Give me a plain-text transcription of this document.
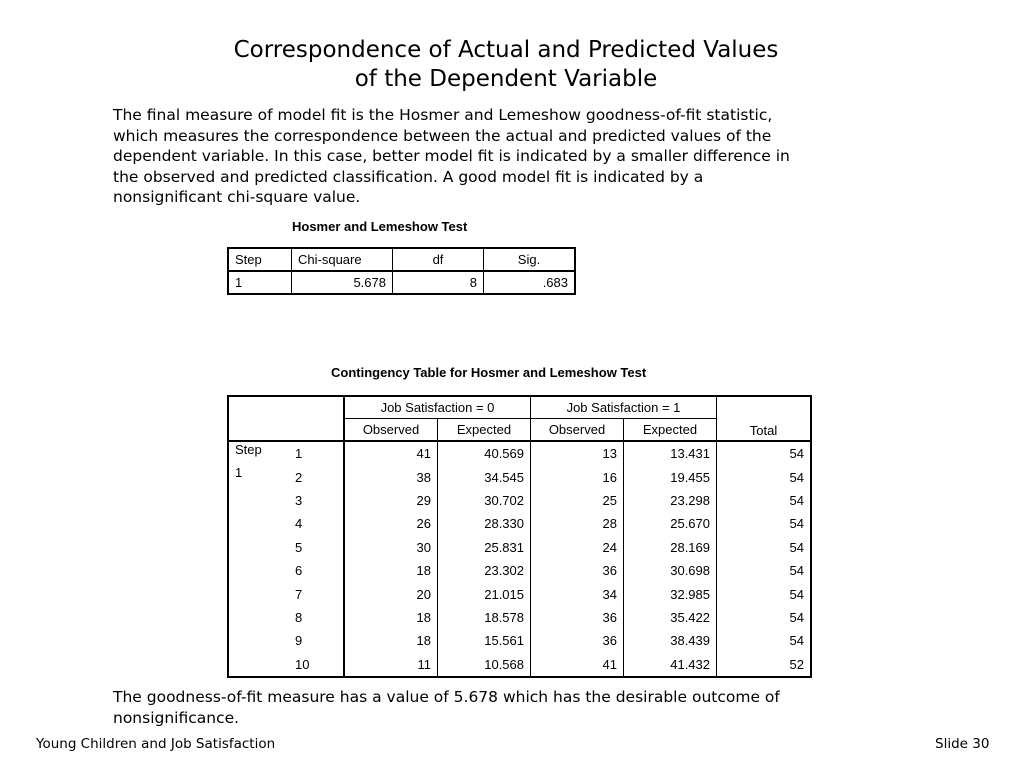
Correspondence of Actual and Predicted Values
of the Dependent Variable
The final measure of model fit is the Hosmer and Lemeshow goodness-of-fit statistic,
which measures the correspondence between the actual and predicted values of the
dependent variable. In this case, better model fit is indicated by a smaller difference in
the observed and predicted classification. A good model fit is indicated by a
nonsignificant chi-square value.
Hosmer and Lemeshow Test
Step	Chi-square	df	Sig.
1	5.678	8	.683
Contingency Table for Hosmer and Lemeshow Test
		Job Satisfaction = 0		Job Satisfaction = 1		Total
		Observed	Expected	Observed	Expected	
Step	1	41	40.569	13	13.431	54
1	2	38	34.545	16	19.455	54
	3	29	30.702	25	23.298	54
	4	26	28.330	28	25.670	54
	5	30	25.831	24	28.169	54
	6	18	23.302	36	30.698	54
	7	20	21.015	34	32.985	54
	8	18	18.578	36	35.422	54
	9	18	15.561	36	38.439	54
	10	11	10.568	41	41.432	52
The goodness-of-fit measure has a value of 5.678 which has the desirable outcome of
nonsignificance.
Young Children and Job Satisfaction	Slide 30
